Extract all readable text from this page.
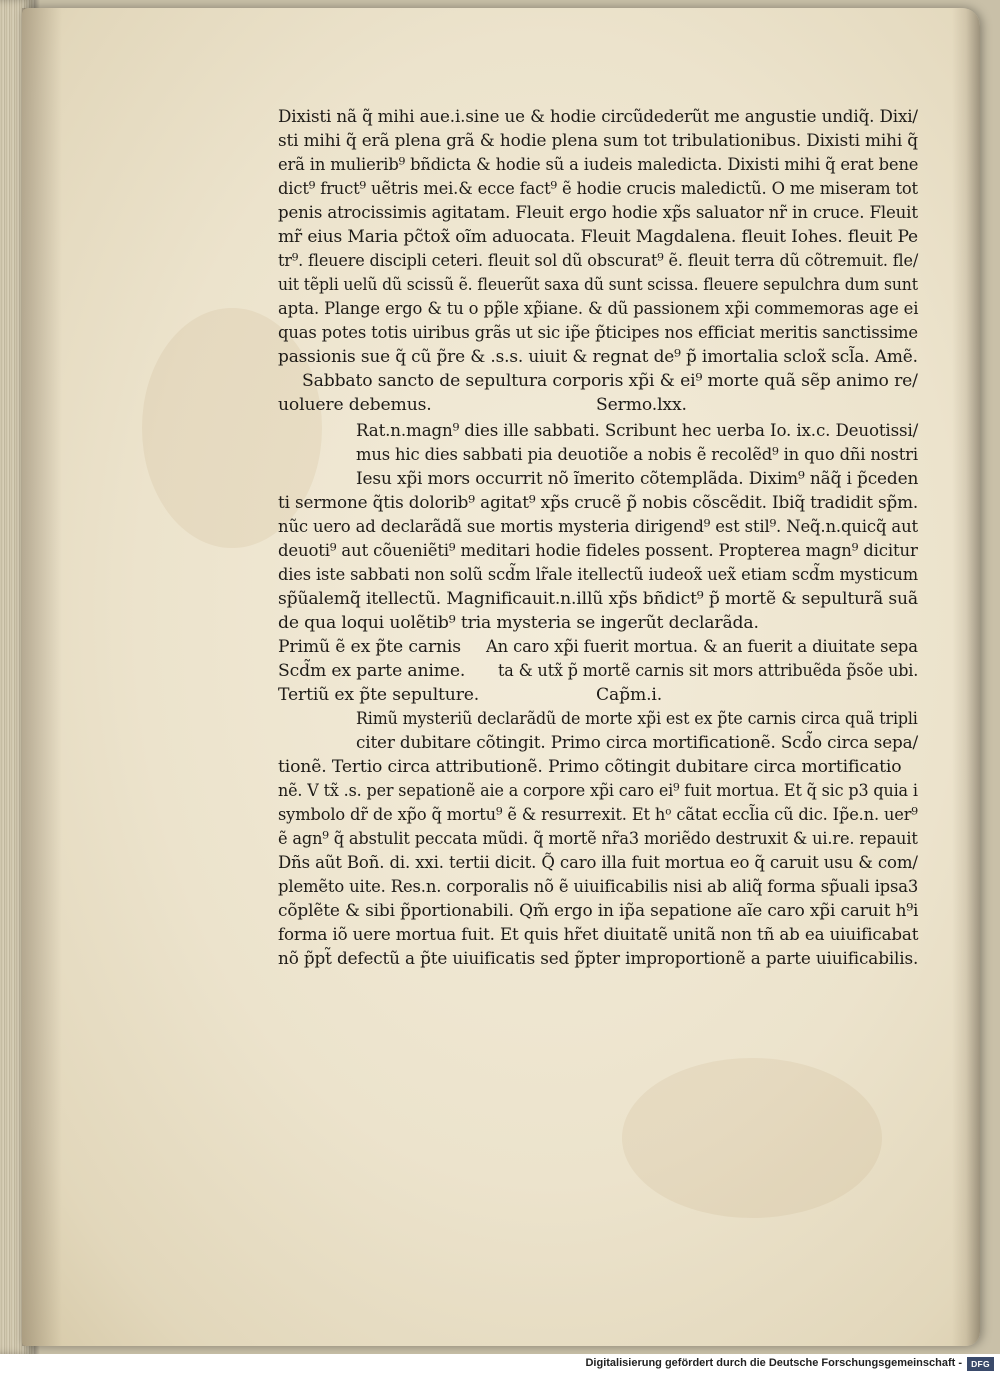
Dixisti nã q̃ mihi aue.i.sine ue & hodie circũdederũt me angustie undiq̃. Dixi/
sti mihi q̃ erã plena grã & hodie plena sum tot tribulationibus. Dixisti mihi q̃
erã in mulierib⁹ bñdicta & hodie sũ a iudeis maledicta. Dixisti mihi q̃ erat bene
dict⁹ fruct⁹ uẽtris mei.& ecce fact⁹ ẽ hodie crucis maledictũ. O me miseram tot
penis atrocissimis agitatam. Fleuit ergo hodie xp̃s saluator nr̃ in cruce. Fleuit
mr̃ eius Maria pc̃tox̃ oĩm aduocata. Fleuit Magdalena. fleuit Iohes. fleuit Pe
tr⁹. fleuere discipli ceteri. fleuit sol dũ obscurat⁹ ẽ. fleuit terra dũ cõtremuit. fle/
uit tẽpli uelũ dũ scissũ ẽ. fleuerũt saxa dũ sunt scissa. fleuere sepulchra dum sunt
apta. Plange ergo & tu o pp̃le xp̃iane. & dũ passionem xp̃i commemoras age ei
quas potes totis uiribus grãs ut sic ip̃e p̃ticipes nos efficiat meritis sanctissime
passionis sue q̃ cũ p̃re & .s.s. uiuit & regnat de⁹ p̃ imortalia sclox̃ scl̃a. Amẽ.
Sabbato sancto de sepultura corporis xp̃i & ei⁹ morte quã sẽp animo re/
uoluere debemus.	Sermo.lxx.
Rat.n.magn⁹ dies ille sabbati. Scribunt hec uerba Io. ix.c. Deuotissi/
mus hic dies sabbati pia deuotiõe a nobis ẽ recolẽd⁹ in quo dñi nostri
Iesu xp̃i mors occurrit nõ ĩmerito cõtemplãda. Dixim⁹ nãq̃ i p̃ceden
ti sermone q̃tis dolorib⁹ agitat⁹ xp̃s crucẽ p̃ nobis cõscẽdit. Ibiq̃ tradidit sp̃m.
nũc uero ad declarãdã sue mortis mysteria dirigend⁹ est stil⁹. Neq̃.n.quicq̃ aut
deuoti⁹ aut cõueniẽti⁹ meditari hodie fideles possent. Propterea magn⁹ dicitur
dies iste sabbati non solũ scd̃m lr̃ale itellectũ iudeox̃ uex̃ etiam scd̃m mysticum
sp̃ũalemq̃ itellectũ. Magnificauit.n.illũ xp̃s bñdict⁹ p̃ mortẽ & sepulturã suã
de qua loqui uolẽtib⁹ tria mysteria se ingerũt declarãda.
Primũ ẽ ex p̃te carnis An caro xp̃i fuerit mortua. & an fuerit a diuitate sepa
Scd̃m ex parte anime. ta & utx̃ p̃ mortẽ carnis sit mors attribuẽda p̃sõe ubi.
Tertiũ ex p̃te sepulture.	Cap̃m.i.
Rimũ mysteriũ declarãdũ de morte xp̃i est ex p̃te carnis circa quã tripli
citer dubitare cõtingit. Primo circa mortificationẽ. Scd̃o circa sepa/
tionẽ. Tertio circa attributionẽ. Primo cõtingit dubitare circa mortificatio
nẽ. V tx̃ .s. per sepationẽ aie a corpore xp̃i caro ei⁹ fuit mortua. Et q̃ sic p3 quia i
symbolo dr̃ de xp̃o q̃ mortu⁹ ẽ & resurrexit. Et hᵒ cãtat eccl̃ia cũ dic. Ip̃e.n. uer⁹
ẽ agn⁹ q̃ abstulit peccata mũdi. q̃ mortẽ nr̃a3 moriẽdo destruxit & ui.re. repauit
Dñs aũt Boñ. di. xxi. tertii dicit. Q̃ caro illa fuit mortua eo q̃ caruit usu & com/
plemẽto uite. Res.n. corporalis nõ ẽ uiuificabilis nisi ab aliq̃ forma sp̃uali ipsa3
cõplẽte & sibi p̃portionabili. Qm̃ ergo in ip̃a sepatione aĩe caro xp̃i caruit h⁹i
forma iõ uere mortua fuit. Et quis hr̃et diuitatẽ unitã non tñ ab ea uiuificabat
nõ p̃pt̃ defectũ a p̃te uiuificatis sed p̃pter improportionẽ a parte uiuificabilis.
Digitalisierung gefördert durch die Deutsche Forschungsgemeinschaft -	DFG
